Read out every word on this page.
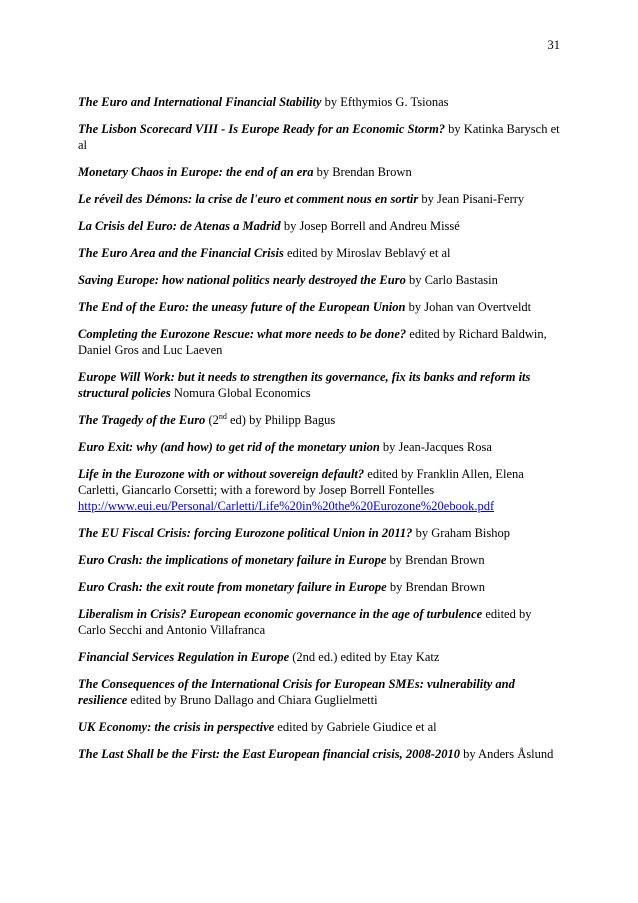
31
The Euro and International Financial Stability by Efthymios G. Tsionas
The Lisbon Scorecard VIII - Is Europe Ready for an Economic Storm? by Katinka Barysch et al
Monetary Chaos in Europe: the end of an era by Brendan Brown
Le réveil des Démons: la crise de l'euro et comment nous en sortir by Jean Pisani-Ferry
La Crisis del Euro: de Atenas a Madrid by Josep Borrell and Andreu Missé
The Euro Area and the Financial Crisis edited by Miroslav Beblavý et al
Saving Europe: how national politics nearly destroyed the Euro by Carlo Bastasin
The End of the Euro: the uneasy future of the European Union by Johan van Overtveldt
Completing the Eurozone Rescue: what more needs to be done? edited by Richard Baldwin, Daniel Gros and Luc Laeven
Europe Will Work: but it needs to strengthen its governance, fix its banks and reform its structural policies Nomura Global Economics
The Tragedy of the Euro (2nd ed) by Philipp Bagus
Euro Exit: why (and how) to get rid of the monetary union by Jean-Jacques Rosa
Life in the Eurozone with or without sovereign default? edited by Franklin Allen, Elena Carletti, Giancarlo Corsetti; with a foreword by Josep Borrell Fontelles
http://www.eui.eu/Personal/Carletti/Life%20in%20the%20Eurozone%20ebook.pdf
The EU Fiscal Crisis: forcing Eurozone political Union in 2011? by Graham Bishop
Euro Crash: the implications of monetary failure in Europe by Brendan Brown
Euro Crash: the exit route from monetary failure in Europe by Brendan Brown
Liberalism in Crisis? European economic governance in the age of turbulence edited by Carlo Secchi and Antonio Villafranca
Financial Services Regulation in Europe (2nd ed.) edited by Etay Katz
The Consequences of the International Crisis for European SMEs: vulnerability and resilience edited by Bruno Dallago and Chiara Guglielmetti
UK Economy: the crisis in perspective edited by Gabriele Giudice et al
The Last Shall be the First: the East European financial crisis, 2008-2010 by Anders Åslund
